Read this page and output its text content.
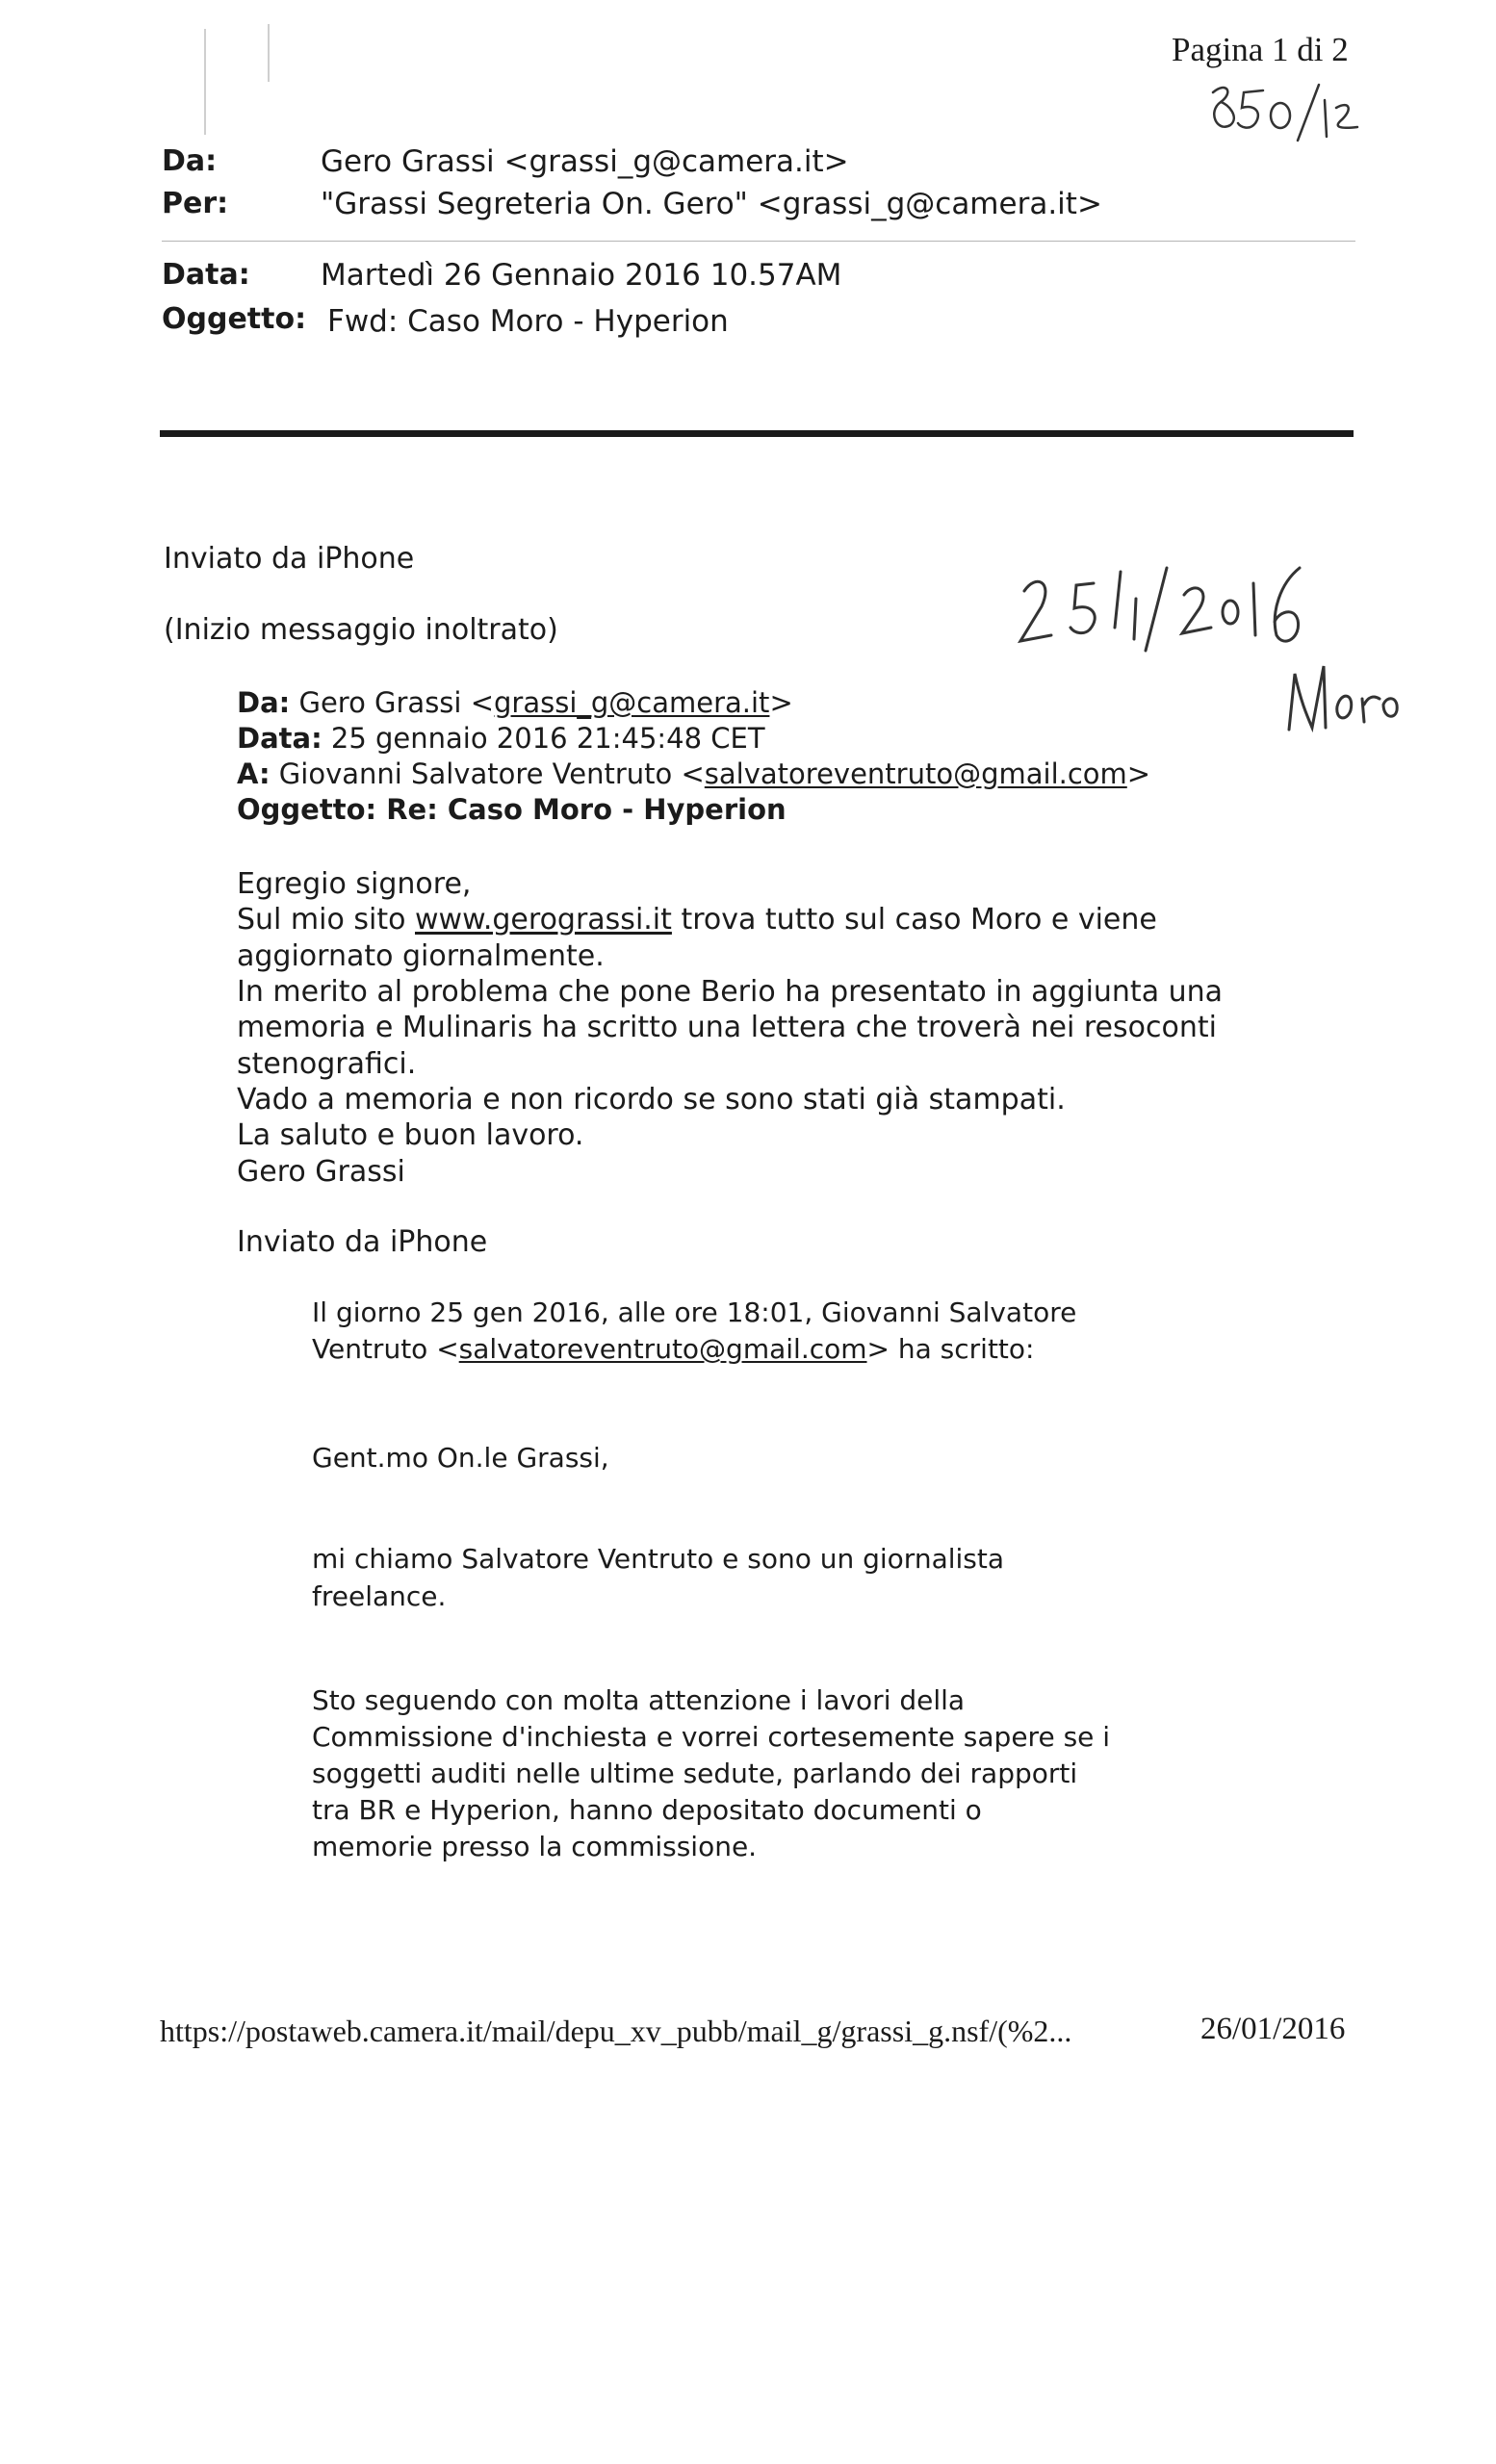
Pagina 1 di 2
Da:	Gero Grassi <grassi_g@camera.it>
Per:	"Grassi Segreteria On. Gero" <grassi_g@camera.it>
Data: Martedì 26 Gennaio 2016 10.57AM
Oggetto: Fwd: Caso Moro - Hyperion
Inviato da iPhone
(Inizio messaggio inoltrato)
Da: Gero Grassi <grassi_g@camera.it>
Data: 25 gennaio 2016 21:45:48 CET
A: Giovanni Salvatore Ventruto <salvatoreventruto@gmail.com>
Oggetto: Re: Caso Moro - Hyperion
Egregio signore,
Sul mio sito www.gerograssi.it trova tutto sul caso Moro e viene
aggiornato giornalmente.
In merito al problema che pone Berio ha presentato in aggiunta una
memoria e Mulinaris ha scritto una lettera che troverà nei resoconti
stenografici.
Vado a memoria e non ricordo se sono stati già stampati.
La saluto e buon lavoro.
Gero Grassi
Inviato da iPhone
Il giorno 25 gen 2016, alle ore 18:01, Giovanni Salvatore
Ventruto <salvatoreventruto@gmail.com> ha scritto:
Gent.mo On.le Grassi,
mi chiamo Salvatore Ventruto e sono un giornalista
freelance.
Sto seguendo con molta attenzione i lavori della
Commissione d'inchiesta e vorrei cortesemente sapere se i
soggetti auditi nelle ultime sedute, parlando dei rapporti
tra BR e Hyperion, hanno depositato documenti o
memorie presso la commissione.
https://postaweb.camera.it/mail/depu_xv_pubb/mail_g/grassi_g.nsf/(%2...	26/01/2016
